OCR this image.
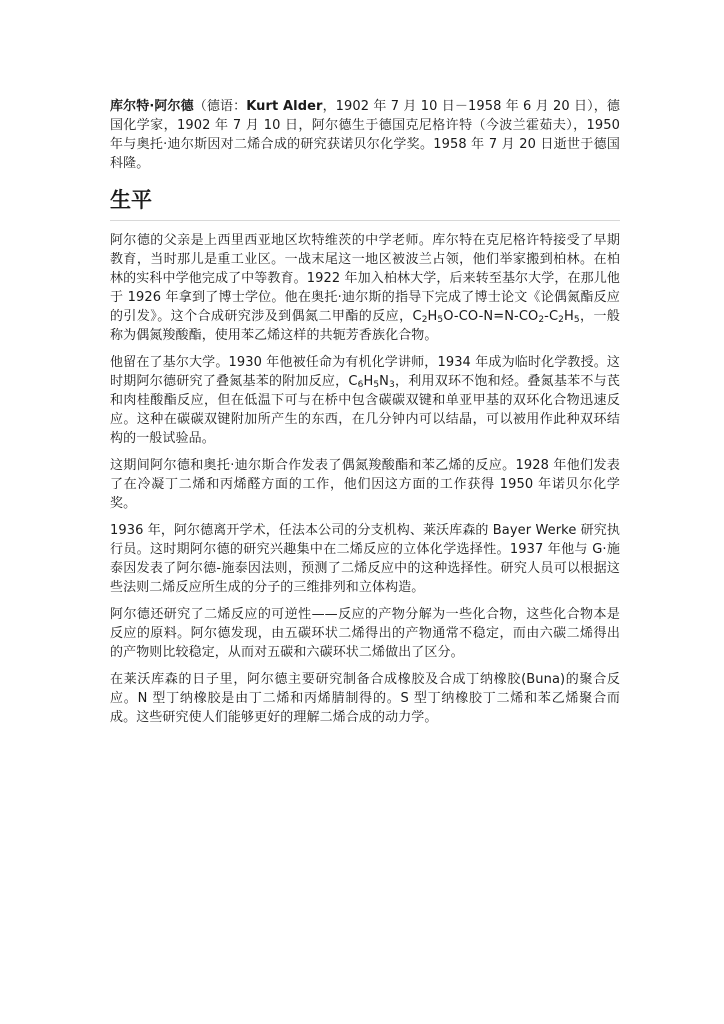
库尔特·阿尔德（德语：Kurt Alder，1902 年 7 月 10 日－1958 年 6 月 20 日），德国化学家，1902 年 7 月 10 日，阿尔德生于德国克尼格许特（今波兰霍茹夫），1950 年与奥托·迪尔斯因对二烯合成的研究获诺贝尔化学奖。1958 年 7 月 20 日逝世于德国科隆。

生平

阿尔德的父亲是上西里西亚地区坎特维茨的中学老师。库尔特在克尼格许特接受了早期教育，当时那儿是重工业区。一战末尾这一地区被波兰占领，他们举家搬到柏林。在柏林的实科中学他完成了中等教育。1922 年加入柏林大学，后来转至基尔大学，在那儿他于 1926 年拿到了博士学位。他在奥托·迪尔斯的指导下完成了博士论文《论偶氮酯反应的引发》。这个合成研究涉及到偶氮二甲酯的反应，$C_2H_5O-CO-N=N-CO_2-C_2H_5$，一般称为偶氮羧酸酯，使用苯乙烯这样的共轭芳香族化合物。

他留在了基尔大学。1930 年他被任命为有机化学讲师，1934 年成为临时化学教授。这时期阿尔德研究了叠氮基苯的附加反应，$C_6H_5N_3$，利用双环不饱和烃。叠氮基苯不与芪和肉桂酸酯反应，但在低温下可与在桥中包含碳碳双键和单亚甲基的双环化合物迅速反应。这种在碳碳双键附加所产生的东西，在几分钟内可以结晶，可以被用作此种双环结构的一般试验品。

这期间阿尔德和奥托·迪尔斯合作发表了偶氮羧酸酯和苯乙烯的反应。1928 年他们发表了在冷凝丁二烯和丙烯醛方面的工作，他们因这方面的工作获得 1950 年诺贝尔化学奖。

1936 年，阿尔德离开学术，任法本公司的分支机构、莱沃库森的 Bayer Werke 研究执行员。这时期阿尔德的研究兴趣集中在二烯反应的立体化学选择性。1937 年他与 G·施泰因发表了阿尔德-施泰因法则，预测了二烯反应中的这种选择性。研究人员可以根据这些法则二烯反应所生成的分子的三维排列和立体构造。

阿尔德还研究了二烯反应的可逆性——反应的产物分解为一些化合物，这些化合物本是反应的原料。阿尔德发现，由五碳环状二烯得出的产物通常不稳定，而由六碳二烯得出的产物则比较稳定，从而对五碳和六碳环状二烯做出了区分。

在莱沃库森的日子里，阿尔德主要研究制备合成橡胶及合成丁纳橡胶(Buna)的聚合反应。N 型丁纳橡胶是由丁二烯和丙烯腈制得的。S 型丁纳橡胶丁二烯和苯乙烯聚合而成。这些研究使人们能够更好的理解二烯合成的动力学。
